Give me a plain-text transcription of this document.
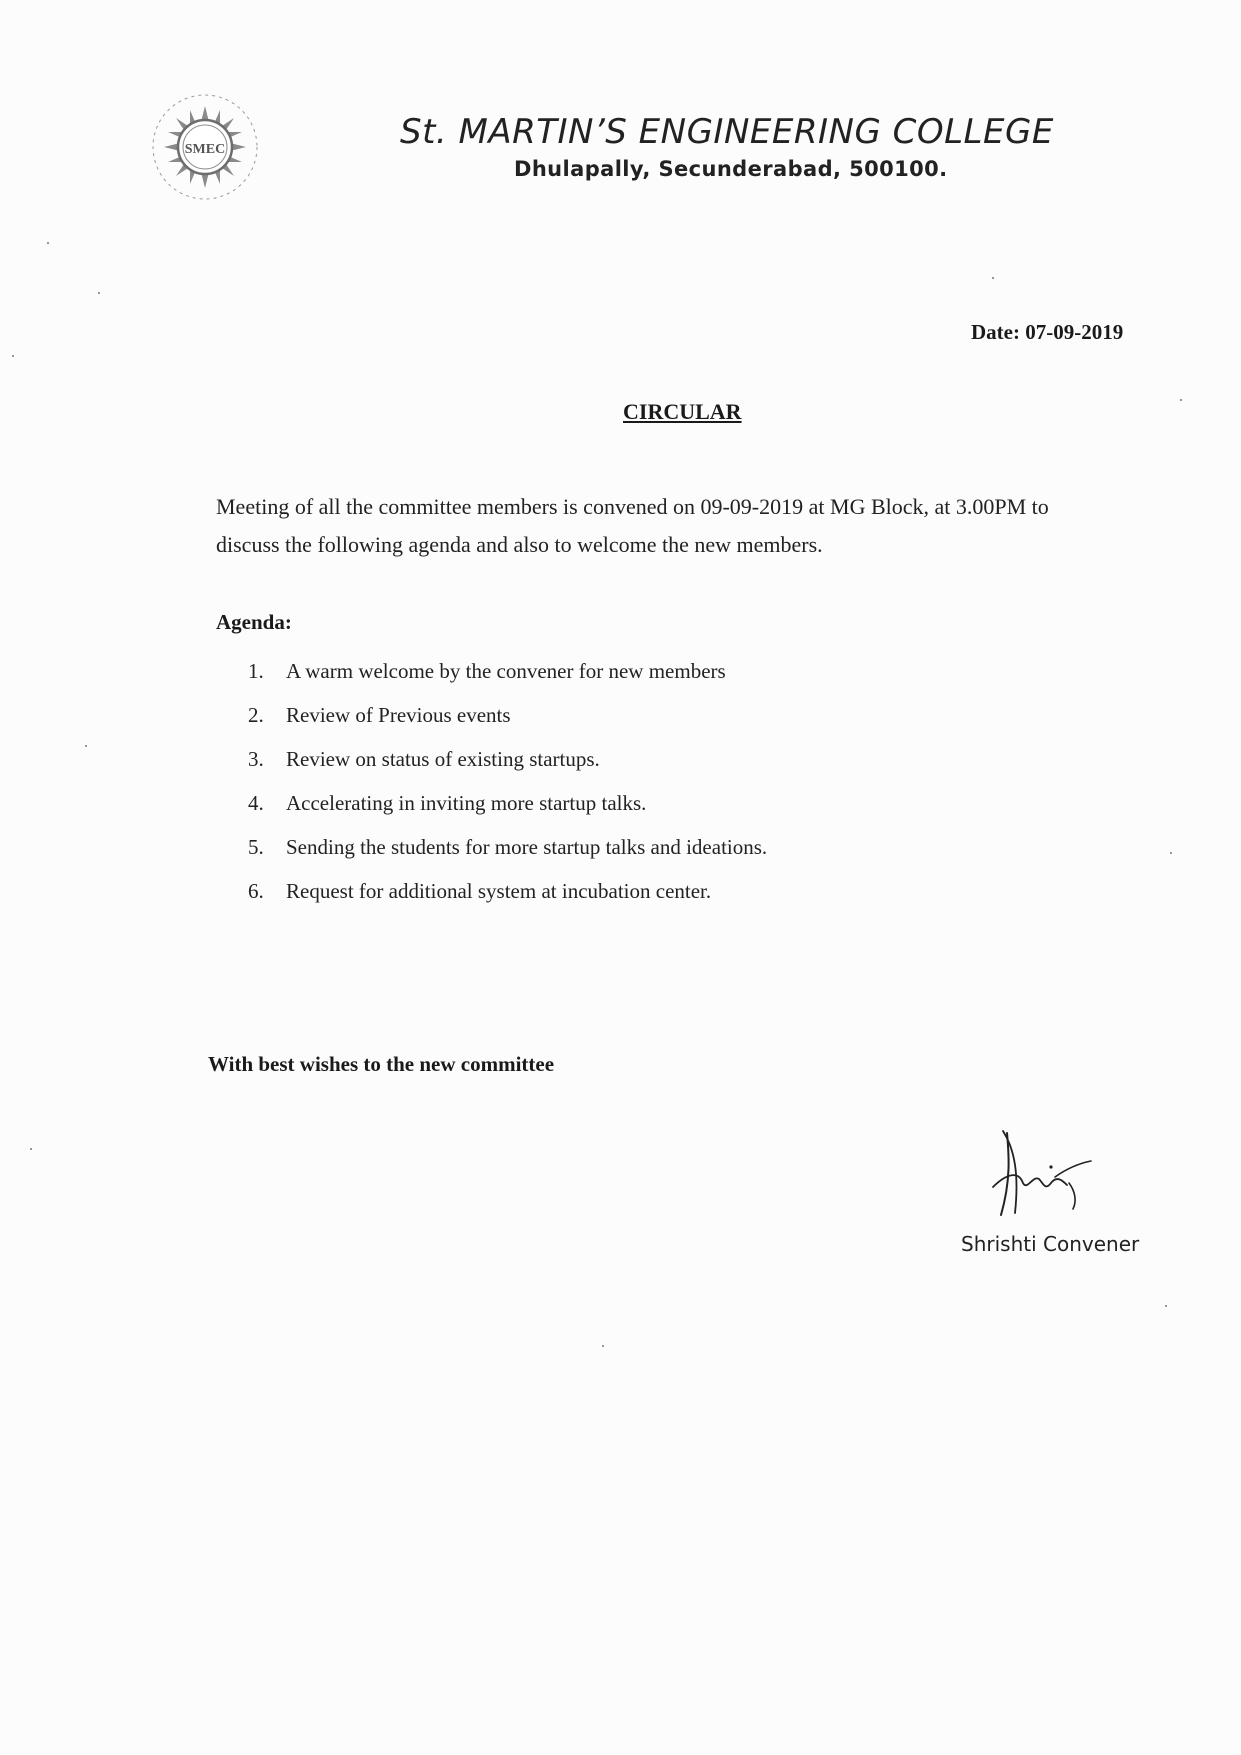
SMEC	St. MARTIN’S ENGINEERING COLLEGE
Dhulapally, Secunderabad, 500100.
Date: 07-09-2019
CIRCULAR
Meeting of all the committee members is convened on 09-09-2019 at MG Block, at 3.00PM to
discuss the following agenda and also to welcome the new members.
Agenda:
1. A warm welcome by the convener for new members
2. Review of Previous events
3. Review on status of existing startups.
4. Accelerating in inviting more startup talks.
5. Sending the students for more startup talks and ideations.
6. Request for additional system at incubation center.
With best wishes to the new committee
Shrishti Convener
